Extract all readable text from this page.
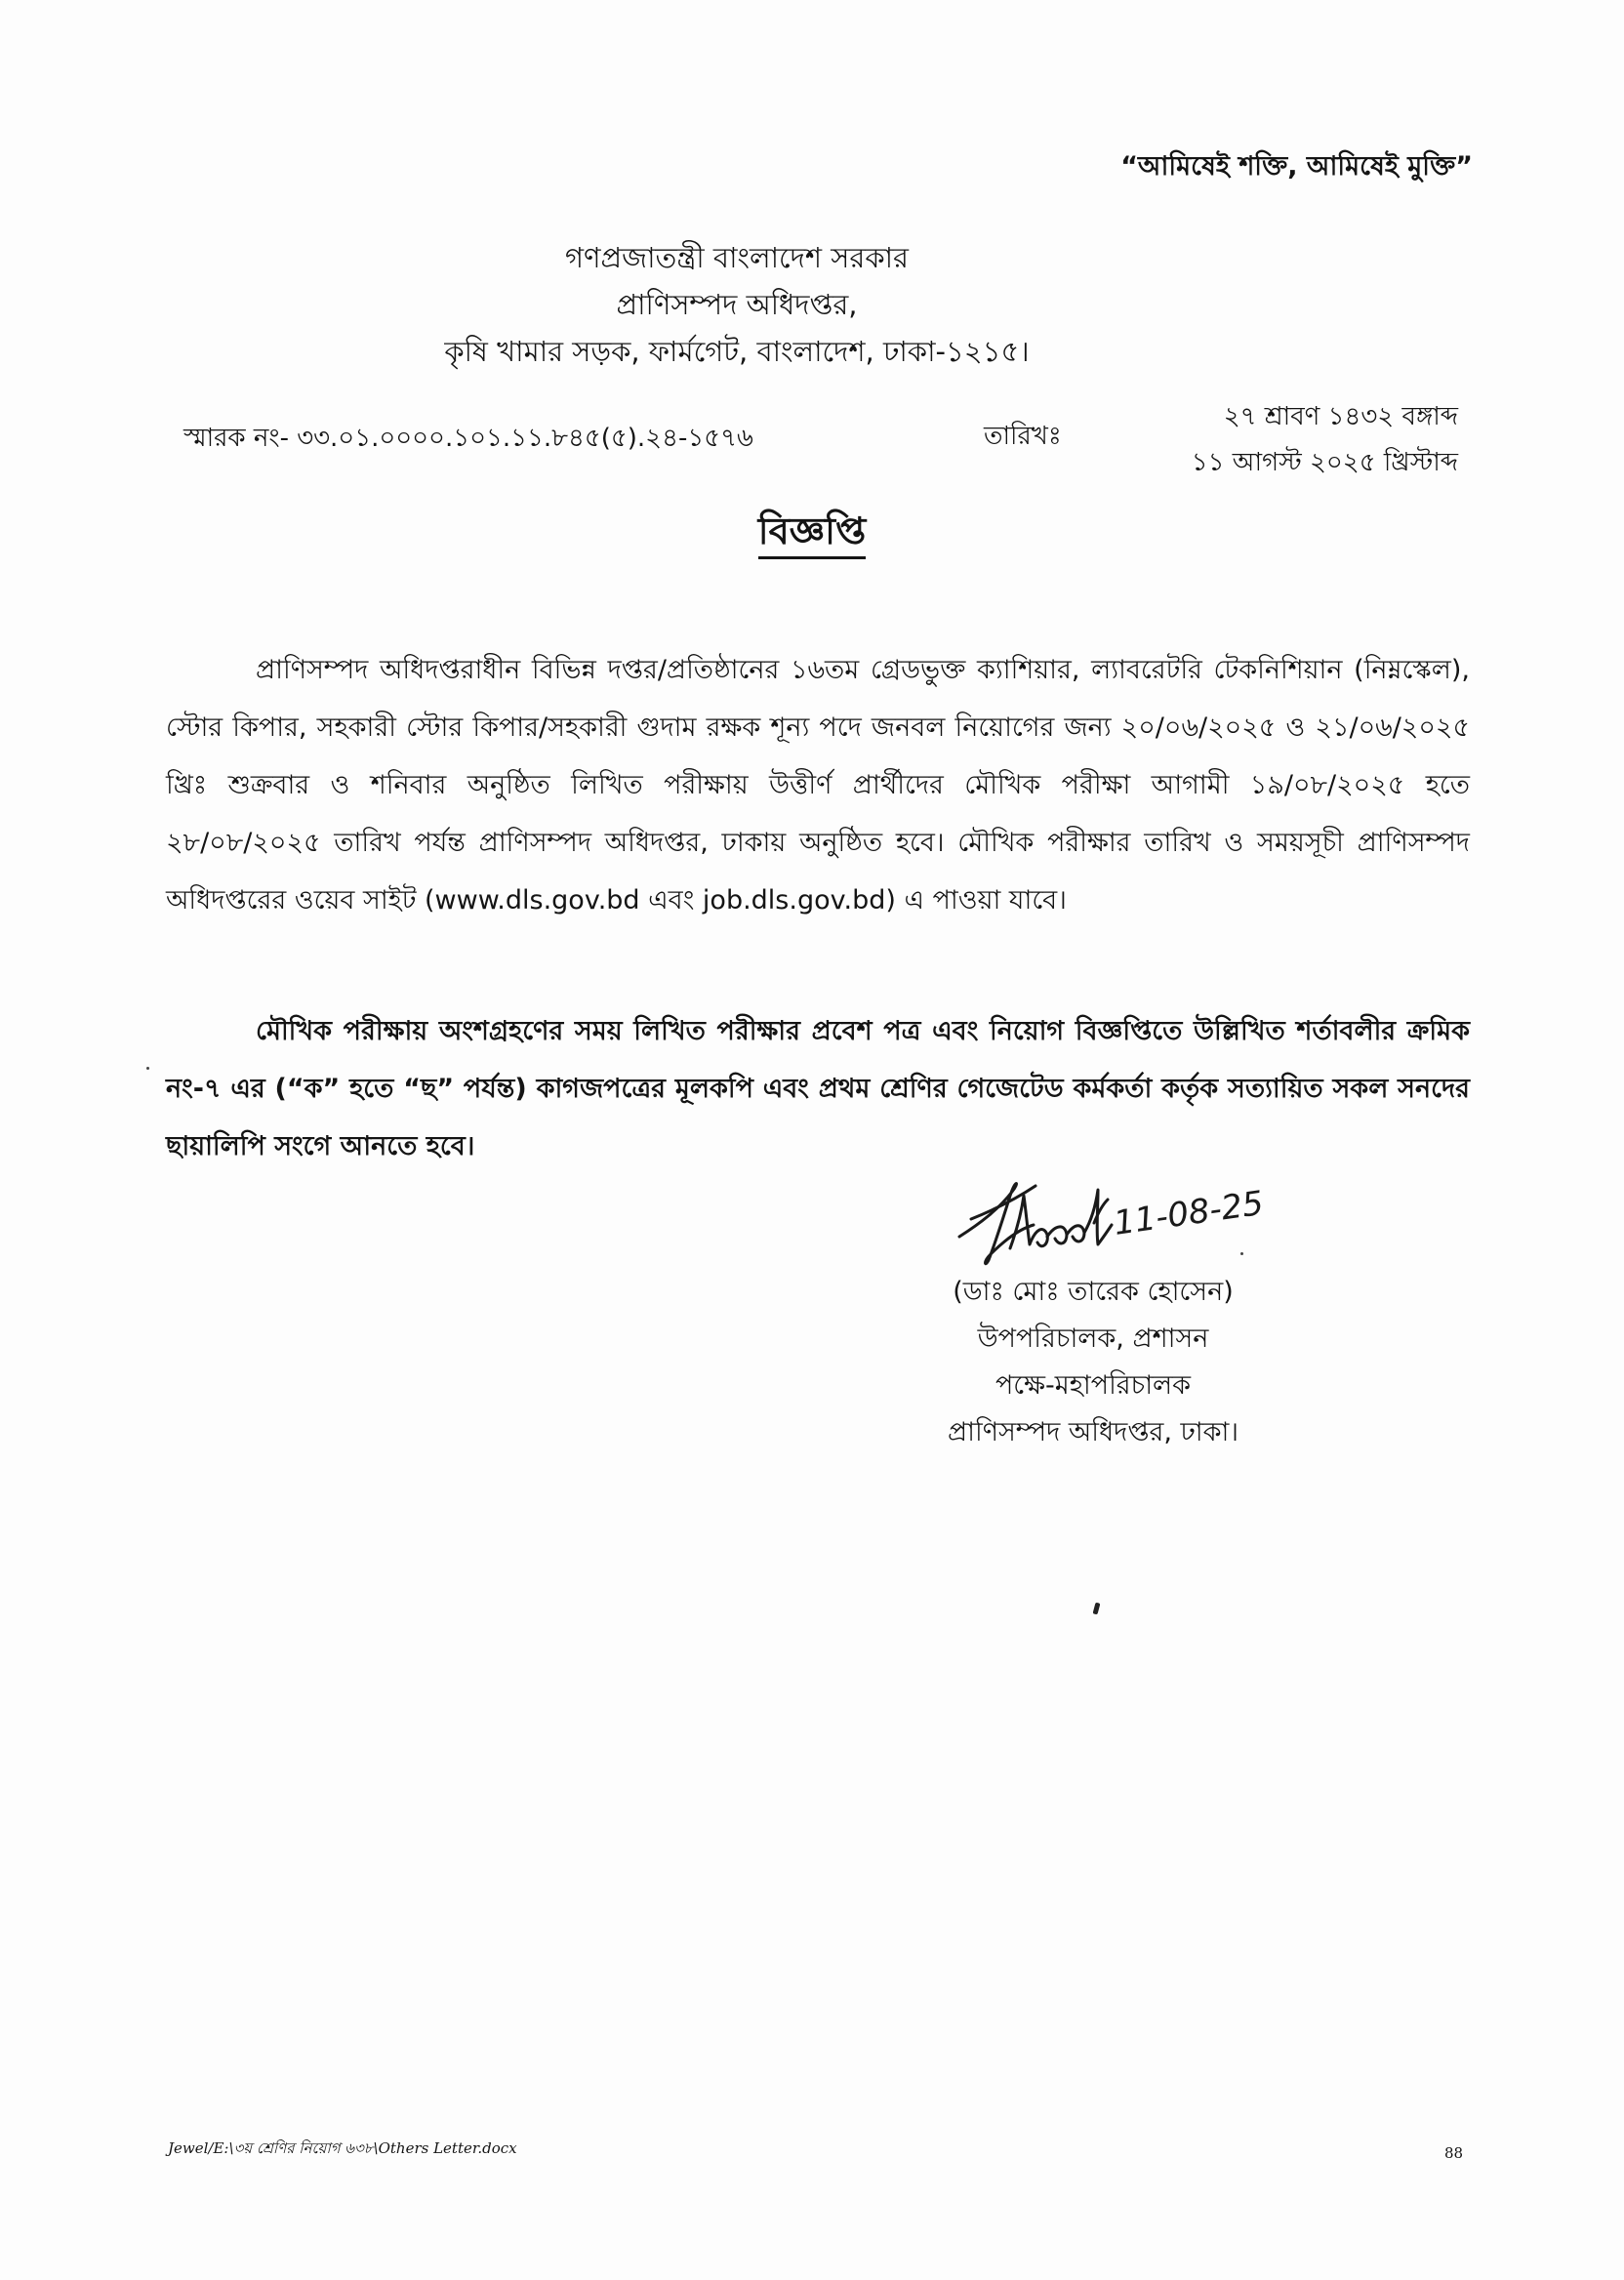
“আমিষেই শক্তি, আমিষেই মুক্তি”
গণপ্রজাতন্ত্রী বাংলাদেশ সরকার
প্রাণিসম্পদ অধিদপ্তর,
কৃষি খামার সড়ক, ফার্মগেট, বাংলাদেশ, ঢাকা-১২১৫।
স্মারক নং- ৩৩.০১.০০০০.১০১.১১.৮৪৫(৫).২৪-১৫৭৬	তারিখঃ
২৭ শ্রাবণ ১৪৩২ বঙ্গাব্দ
১১ আগস্ট ২০২৫ খ্রিস্টাব্দ
বিজ্ঞপ্তি

প্রাণিসম্পদ অধিদপ্তরাধীন বিভিন্ন দপ্তর/প্রতিষ্ঠানের ১৬তম গ্রেডভুক্ত ক্যাশিয়ার, ল্যাবরেটরি টেকনিশিয়ান (নিম্নস্কেল), স্টোর কিপার, সহকারী স্টোর কিপার/সহকারী গুদাম রক্ষক শূন্য পদে জনবল নিয়োগের জন্য ২০/০৬/২০২৫ ও ২১/০৬/২০২৫ খ্রিঃ শুক্রবার ও শনিবার অনুষ্ঠিত লিখিত পরীক্ষায় উত্তীর্ণ প্রার্থীদের মৌখিক পরীক্ষা আগামী ১৯/০৮/২০২৫ হতে ২৮/০৮/২০২৫ তারিখ পর্যন্ত প্রাণিসম্পদ অধিদপ্তর, ঢাকায় অনুষ্ঠিত হবে। মৌখিক পরীক্ষার তারিখ ও সময়সূচী প্রাণিসম্পদ অধিদপ্তরের ওয়েব সাইট (www.dls.gov.bd এবং job.dls.gov.bd) এ পাওয়া যাবে।

মৌখিক পরীক্ষায় অংশগ্রহণের সময় লিখিত পরীক্ষার প্রবেশ পত্র এবং নিয়োগ বিজ্ঞপ্তিতে উল্লিখিত শর্তাবলীর ক্রমিক নং-৭ এর (“ক” হতে “ছ” পর্যন্ত) কাগজপত্রের মূলকপি এবং প্রথম শ্রেণির গেজেটেড কর্মকর্তা কর্তৃক সত্যায়িত সকল সনদের ছায়ালিপি সংগে আনতে হবে।

11-08-25
(ডাঃ মোঃ তারেক হোসেন)
উপপরিচালক, প্রশাসন
পক্ষে-মহাপরিচালক
প্রাণিসম্পদ অধিদপ্তর, ঢাকা।
Jewel/E:\৩য় শ্রেণির নিয়োগ ৬৩৮\Others Letter.docx	88
